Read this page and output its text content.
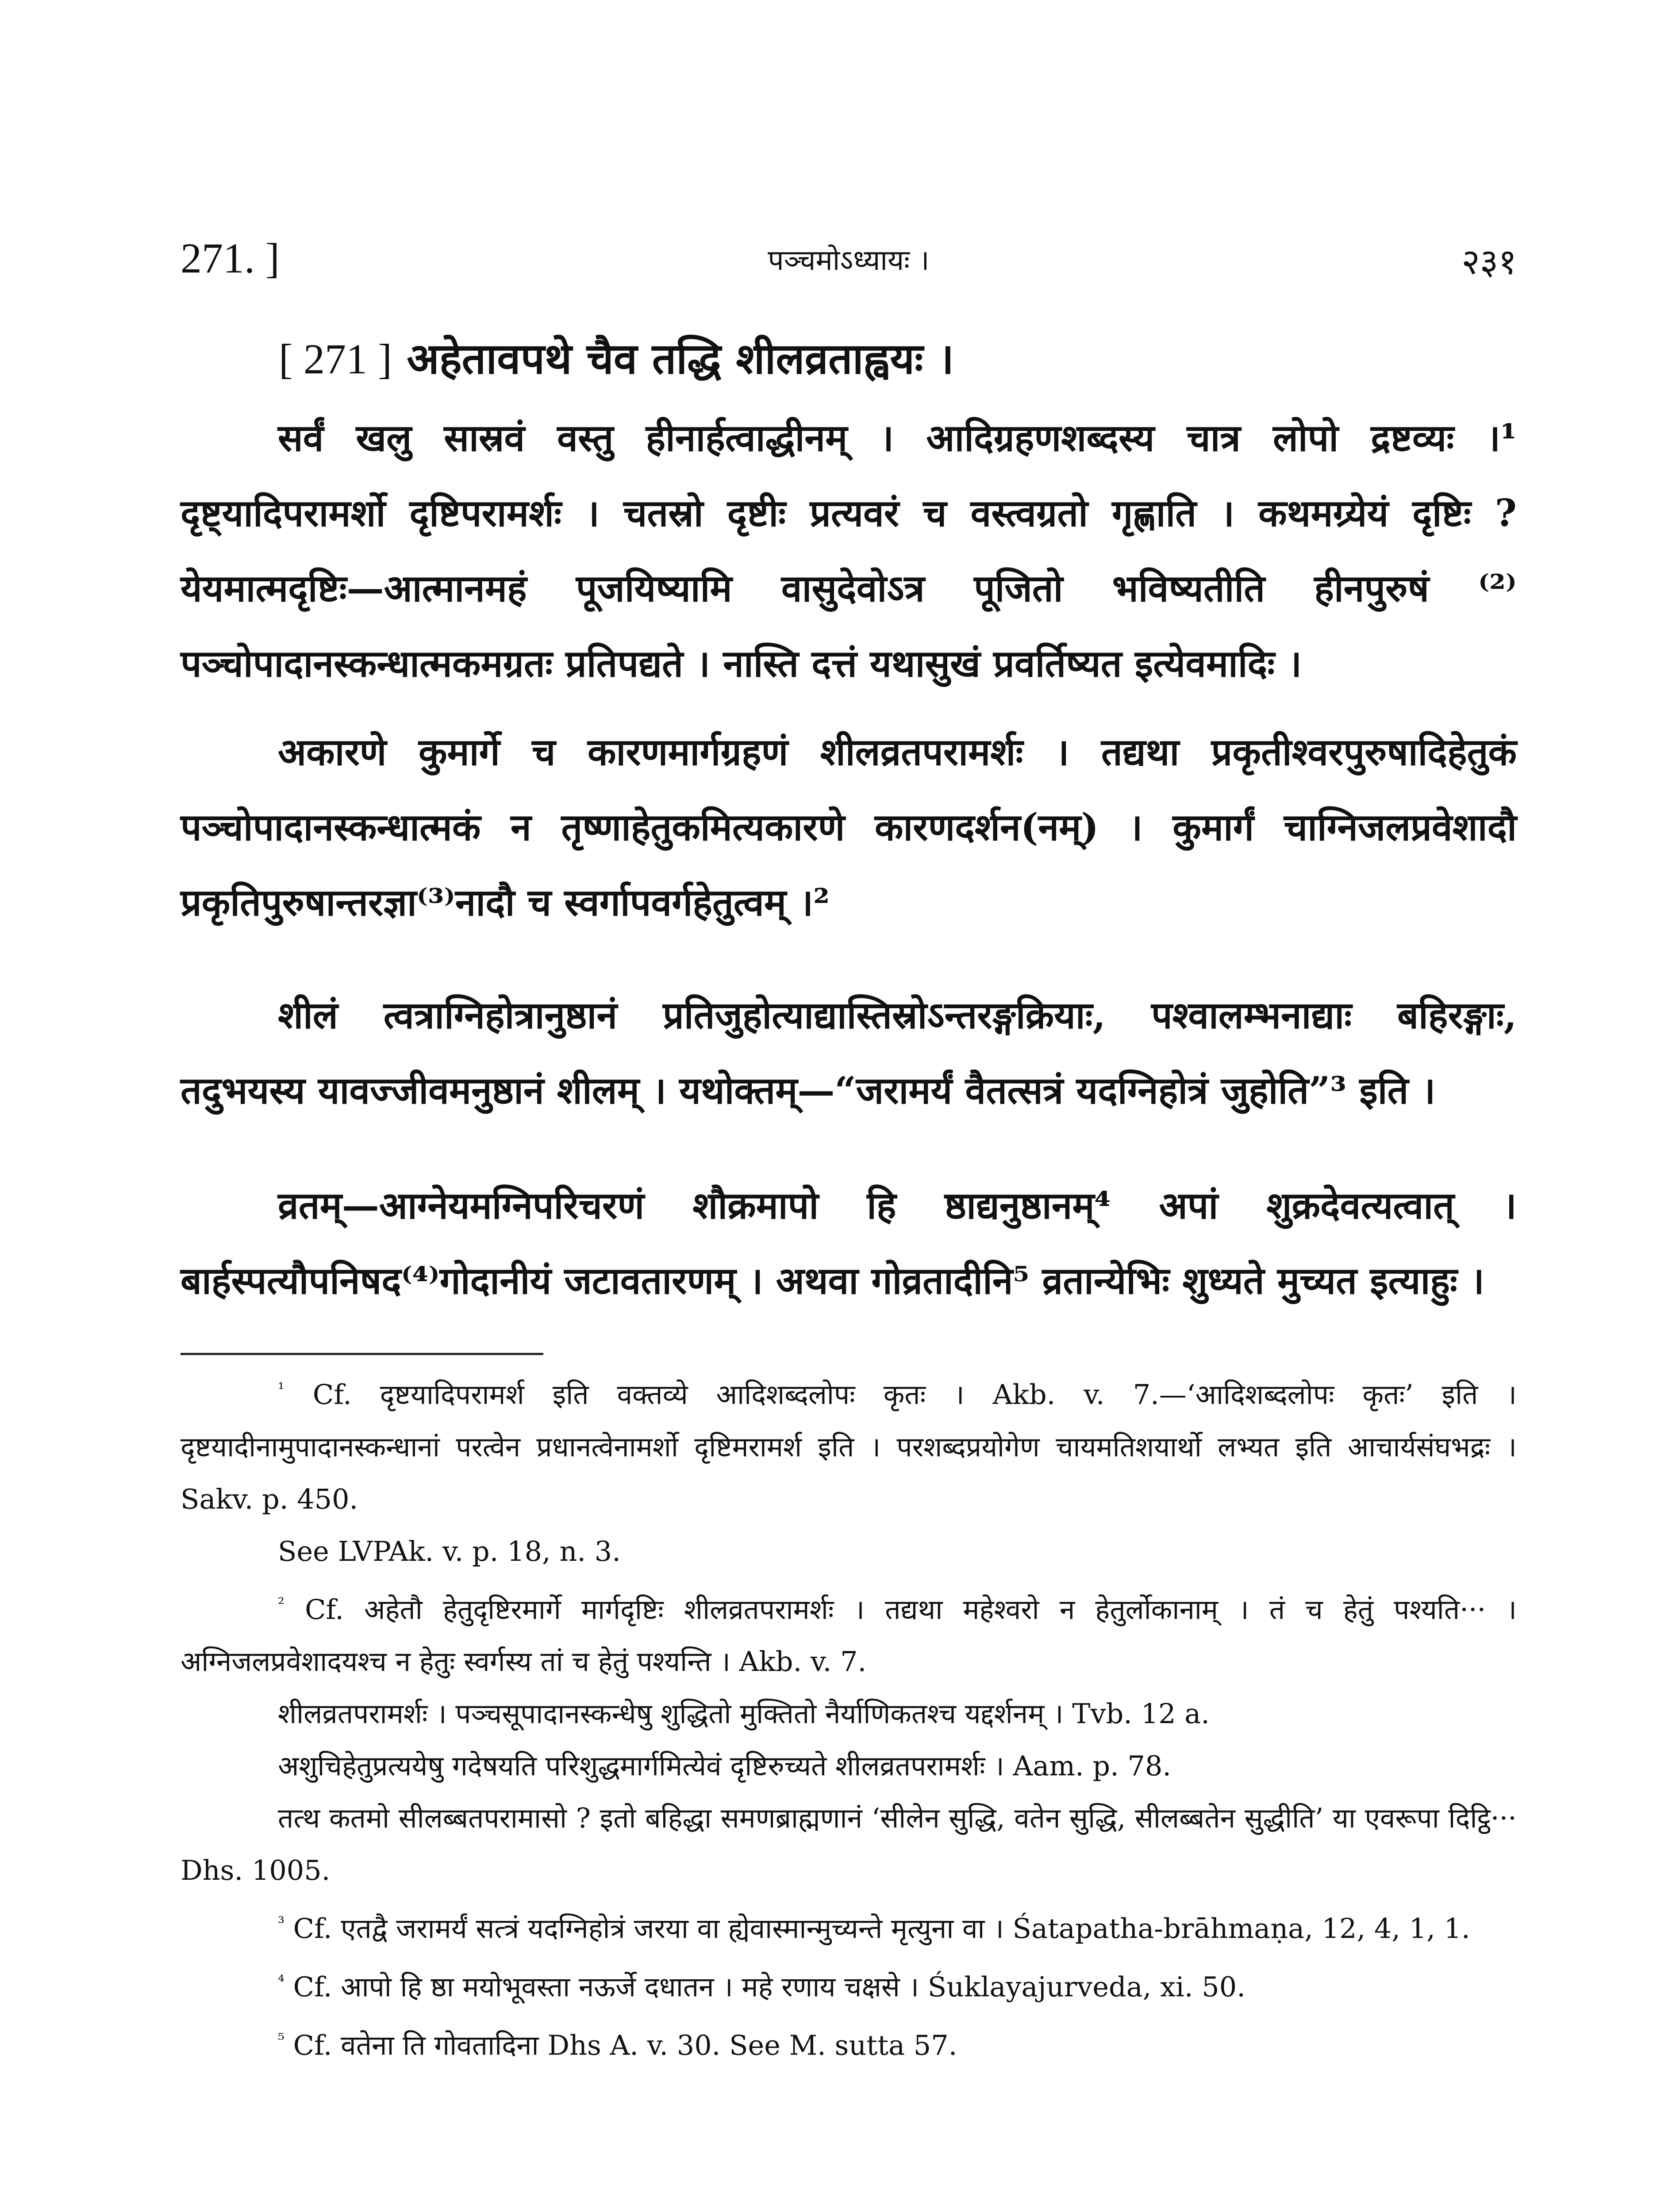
271. ]	पञ्चमोऽध्यायः ।	२३१
[ 271 ] अहेतावपथे चैव तद्धि शीलव्रताह्वयः ।

सर्वं खलु सास्रवं वस्तु हीनार्हत्वाद्धीनम् । आदिग्रहणशब्दस्य चात्र लोपो द्रष्टव्यः ।¹ दृष्ट्यादिपरामर्शो दृष्टिपरामर्शः । चतस्रो दृष्टीः प्रत्यवरं च वस्त्वग्रतो गृह्णाति । कथमग्र्येयं दृष्टिः ? येयमात्मदृष्टिः—आत्मानमहं पूजयिष्यामि वासुदेवोऽत्र पूजितो भविष्यतीति हीनपुरुषं ⁽²⁾पञ्चोपादानस्कन्धात्मकमग्रतः प्रतिपद्यते । नास्ति दत्तं यथासुखं प्रवर्तिष्यत इत्येवमादिः ।

अकारणे कुमार्गे च कारणमार्गग्रहणं शीलव्रतपरामर्शः । तद्यथा प्रकृतीश्वरपुरुषादिहेतुकं पञ्चोपादानस्कन्धात्मकं न तृष्णाहेतुकमित्यकारणे कारणदर्शन(नम्) । कुमार्गं चाग्निजलप्रवेशादौ प्रकृतिपुरुषान्तरज्ञा⁽³⁾नादौ च स्वर्गापवर्गहेतुत्वम् ।²

शीलं त्वत्राग्निहोत्रानुष्ठानं प्रतिजुहोत्याद्यास्तिस्रोऽन्तरङ्गक्रियाः, पश्वालम्भनाद्याः बहिरङ्गाः, तदुभयस्य यावज्जीवमनुष्ठानं शीलम् । यथोक्तम्—“जरामर्यं वैतत्सत्रं यदग्निहोत्रं जुहोति”³ इति ।

व्रतम्—आग्नेयमग्निपरिचरणं शौक्रमापो हि ष्ठाद्यनुष्ठानम्⁴ अपां शुक्रदेवत्यत्वात् । बार्हस्पत्यौपनिषद⁽⁴⁾गोदानीयं जटावतारणम् । अथवा गोव्रतादीनि⁵ व्रतान्येभिः शुध्यते मुच्यत इत्याहुः ।

$^{^1}$ Cf. दृष्टयादिपरामर्श इति वक्तव्ये आदिशब्दलोपः कृतः । Akb. v. 7.—‘आदिशब्दलोपः कृतः’ इति । दृष्टयादीनामुपादानस्कन्धानां परत्वेन प्रधानत्वेनामर्शो दृष्टिमरामर्श इति । परशब्दप्रयोगेण चायमतिशयार्थो लभ्यत इति आचार्यसंघभद्रः । Sakv. p. 450.

See LVPAk. v. p. 18, n. 3.

$^{^2}$ Cf. अहेतौ हेतुदृष्टिरमार्गे मार्गदृष्टिः शीलव्रतपरामर्शः । तद्यथा महेश्वरो न हेतुर्लोकानाम् । तं च हेतुं पश्यति··· । अग्निजलप्रवेशादयश्च न हेतुः स्वर्गस्य तां च हेतुं पश्यन्ति । Akb. v. 7.

शीलव्रतपरामर्शः । पञ्चसूपादानस्कन्धेषु शुद्धितो मुक्तितो नैर्याणिकतश्च यद्दर्शनम् । Tvb. 12 a.

अशुचिहेतुप्रत्ययेषु गदेषयति परिशुद्धमार्गमित्येवं दृष्टिरुच्यते शीलव्रतपरामर्शः । Aam. p. 78.

तत्थ कतमो सीलब्बतपरामासो ? इतो बहिद्धा समणब्राह्मणानं ‘सीलेन सुद्धि, वतेन सुद्धि, सीलब्बतेन सुद्धीति’ या एवरूपा दिट्ठि··· Dhs. 1005.

$^{^3}$ Cf. एतद्वै जरामर्यं सत्त्रं यदग्निहोत्रं जरया वा ह्येवास्मान्मुच्यन्ते मृत्युना वा । Śatapatha-brāhmaṇa, 12, 4, 1, 1.

$^{^4}$ Cf. आपो हि ष्ठा मयोभूवस्ता नऊर्जे दधातन । महे रणाय चक्षसे । Śuklayajurveda, xi. 50.

$^{^5}$ Cf. वतेना ति गोवतादिना Dhs A. v. 30. See M. sutta 57.
